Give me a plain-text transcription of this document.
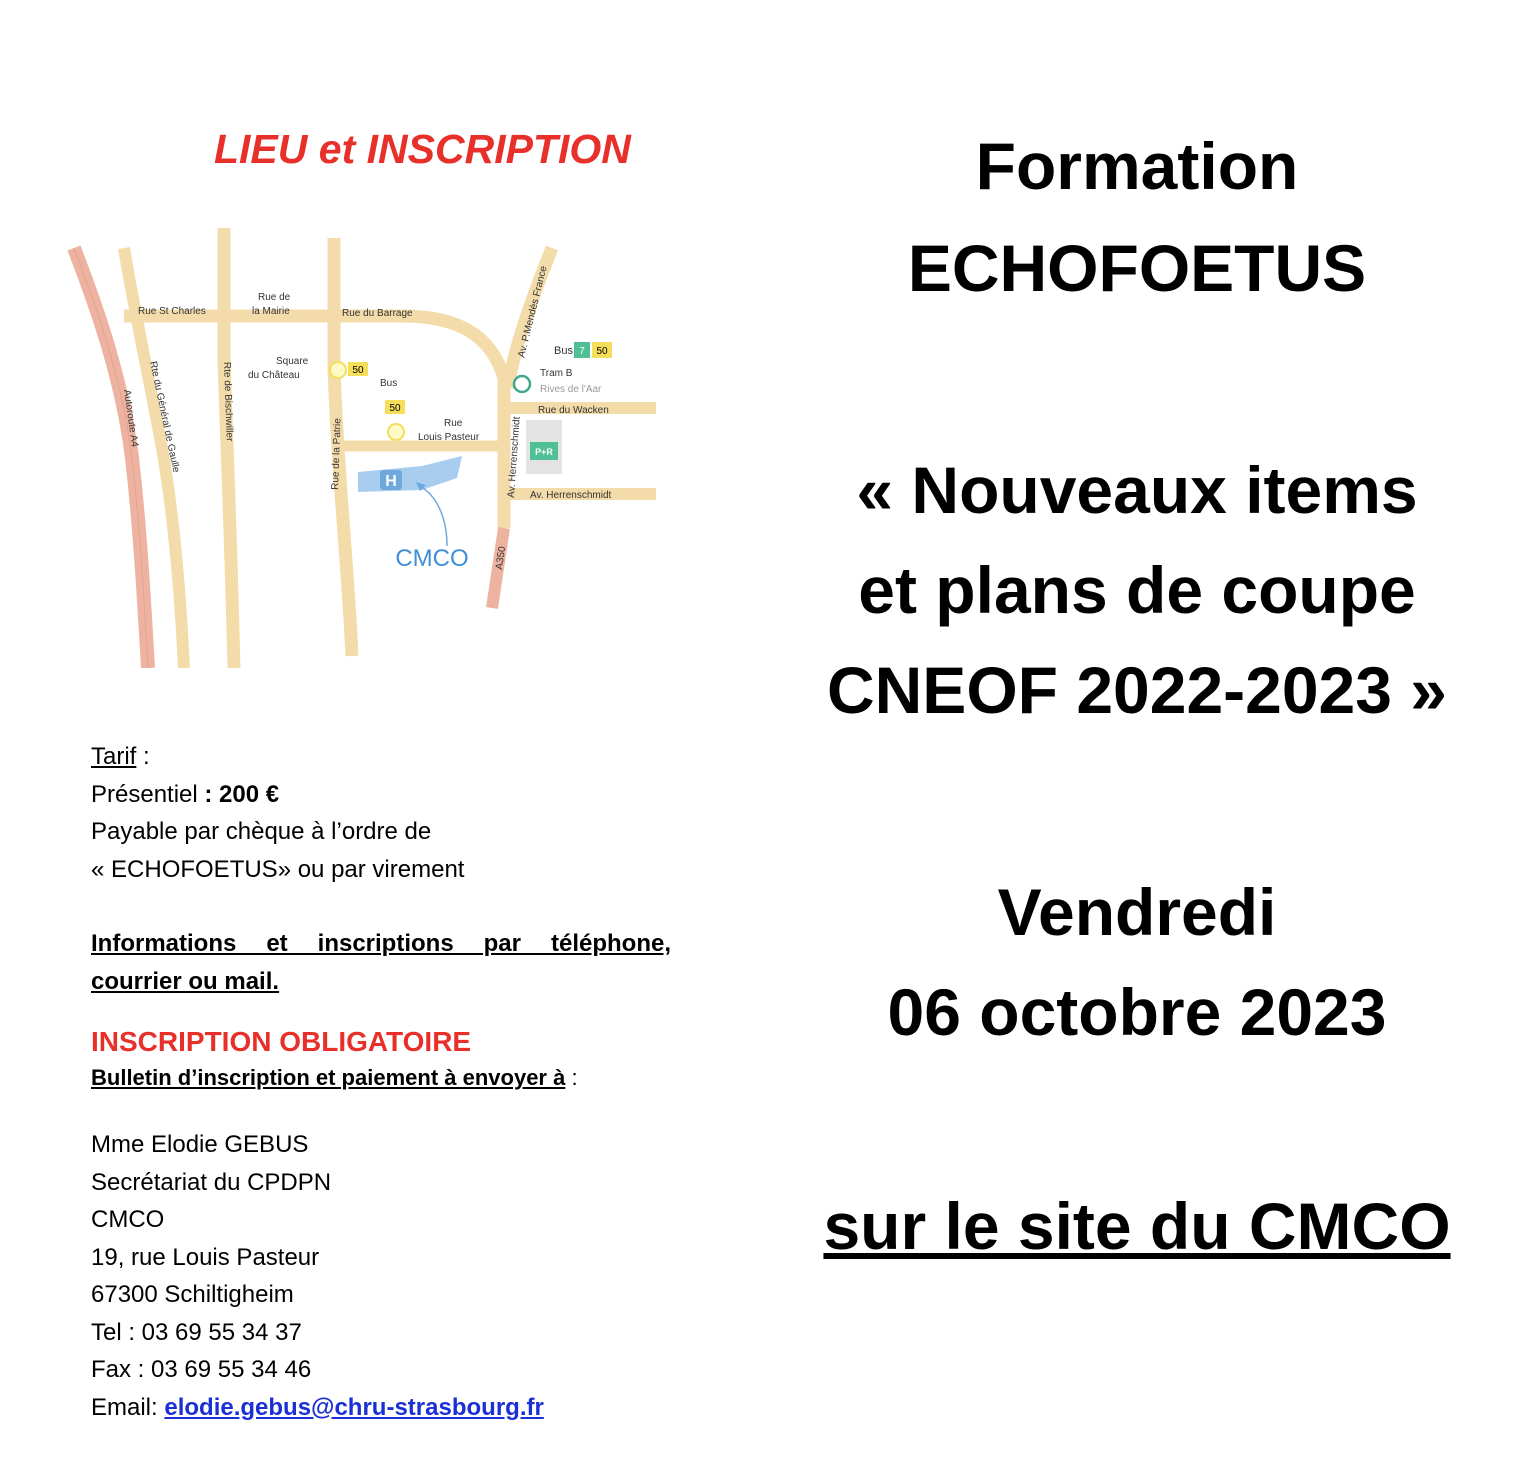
LIEU et INSCRIPTION
H
CMCO
P+R
50
50
7 50
Rue St Charles
Rue de
la Mairie	Rue du Barrage
Square
du Château
Bus
Bus
Tram B
Rives de l'Aar
Rue du Wacken
Rue
Louis Pasteur
Av. Herrenschmidt
Av. P.Mendès France
Autoroute A4 Rte du Général de Gaulle	Rte de Bischwiller
Rue de la Patrie	Av. Herrenschmidt
A350

Tarif :

Présentiel : 200 €

Payable par chèque à l’ordre de

« ECHOFOETUS» ou par virement

Informations et inscriptions par téléphone, courrier ou mail.

INSCRIPTION OBLIGATOIRE

Bulletin d’inscription et paiement à envoyer à :

Mme Elodie GEBUS

Secrétariat du CPDPN

CMCO

19, rue Louis Pasteur

67300 Schiltigheim

Tel : 03 69 55 34 37

Fax : 03 69 55 34 46

Email: elodie.gebus@chru-strasbourg.fr

Formation
ECHOFOETUS
« Nouveaux items
et plans de coupe
CNEOF 2022-2023 »
Vendredi
06 octobre 2023
sur le site du CMCO
